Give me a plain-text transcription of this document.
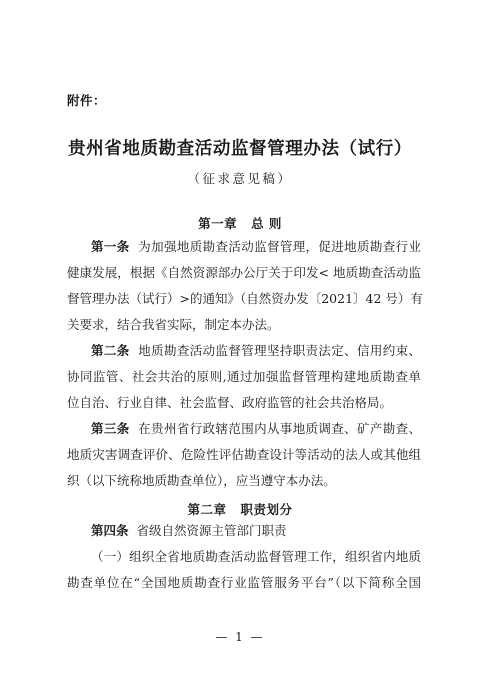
附件：
贵州省地质勘查活动监督管理办法（试行）
（征求意见稿）
第一章 总 则
第一条 为加强地质勘查活动监督管理，促进地质勘查行业
健康发展，根据《自然资源部办公厅关于印发< 地质勘查活动监
督管理办法（试行）>的通知》（自然资办发〔2021〕42 号）有
关要求，结合我省实际，制定本办法。
第二条 地质勘查活动监督管理坚持职责法定、信用约束、
协同监管、社会共治的原则,通过加强监督管理构建地质勘查单
位自治、行业自律、社会监督、政府监管的社会共治格局。
第三条 在贵州省行政辖范围内从事地质调查、矿产勘查、
地质灾害调查评价、危险性评估勘查设计等活动的法人或其他组
织（以下统称地质勘查单位），应当遵守本办法。
第二章 职责划分
第四条 省级自然资源主管部门职责
（一）组织全省地质勘查活动监督管理工作，组织省内地质
勘查单位在“全国地质勘查行业监管服务平台”（以下简称全国
— 1 —
